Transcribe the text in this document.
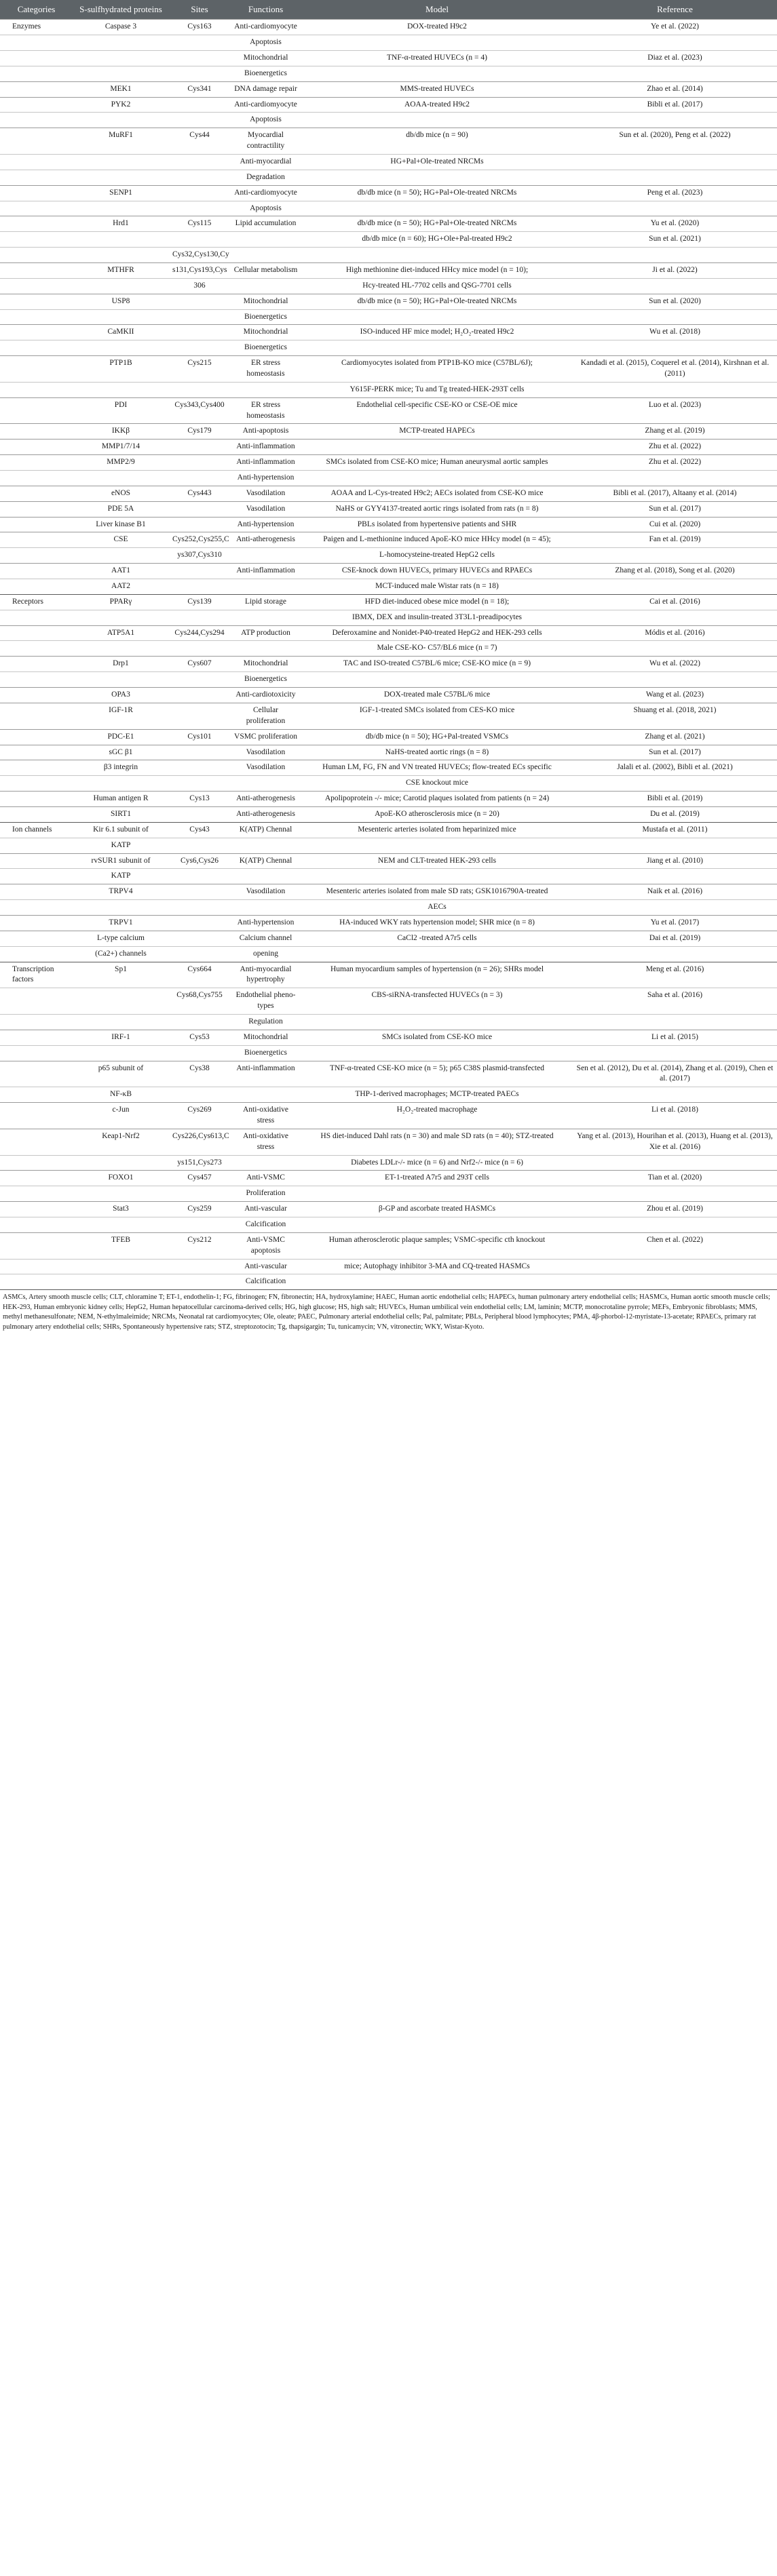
Categories	S-sulfhydrated proteins	Sites	Functions	Model	Reference
Enzymes	Caspase 3	Cys163	Anti-cardiomyocyte	DOX-treated H9c2	Ye et al. (2022)
			Apoptosis		
			Mitochondrial	TNF-α-treated HUVECs (n = 4)	Diaz et al. (2023)
			Bioenergetics		
	MEK1	Cys341	DNA damage repair	MMS-treated HUVECs	Zhao et al. (2014)
	PYK2		Anti-cardiomyocyte	AOAA-treated H9c2	Bibli et al. (2017)
			Apoptosis		
	MuRF1	Cys44	Myocardial contractility	db/db mice (n = 90)	Sun et al. (2020), Peng et al. (2022)
			Anti-myocardial	HG+Pal+Ole-treated NRCMs	
			Degradation		
	SENP1		Anti-cardiomyocyte	db/db mice (n = 50); HG+Pal+Ole-treated NRCMs	Peng et al. (2023)
			Apoptosis		
	Hrd1	Cys115	Lipid accumulation	db/db mice (n = 50); HG+Pal+Ole-treated NRCMs	Yu et al. (2020)
				db/db mice (n = 60); HG+Ole+Pal-treated H9c2	Sun et al. (2021)
		Cys32,Cys130,Cy			
	MTHFR	s131,Cys193,Cys	Cellular metabolism	High methionine diet-induced HHcy mice model (n = 10);	Ji et al. (2022)
		306		Hcy-treated HL-7702 cells and QSG-7701 cells	
	USP8		Mitochondrial	db/db mice (n = 50); HG+Pal+Ole-treated NRCMs	Sun et al. (2020)
			Bioenergetics		
	CaMKII		Mitochondrial	ISO-induced HF mice model; H₂O₂-treated H9c2	Wu et al. (2018)
			Bioenergetics		
	PTP1B	Cys215	ER stress homeostasis	Cardiomyocytes isolated from PTP1B-KO mice (C57BL/6J);	Kandadi et al. (2015), Coquerel et al. (2014), Kirshnan et al. (2011)
				Y615F-PERK mice; Tu and Tg treated-HEK-293T cells	
	PDI	Cys343,Cys400	ER stress homeostasis	Endothelial cell-specific CSE-KO or CSE-OE mice	Luo et al. (2023)
	IKKβ	Cys179	Anti-apoptosis	MCTP-treated HAPECs	Zhang et al. (2019)
	MMP1/7/14		Anti-inflammation		Zhu et al. (2022)
	MMP2/9		Anti-inflammation	SMCs isolated from CSE-KO mice; Human aneurysmal aortic samples	Zhu et al. (2022)
			Anti-hypertension		
	eNOS	Cys443	Vasodilation	AOAA and L-Cys-treated H9c2; AECs isolated from CSE-KO mice	Bibli et al. (2017), Altaany et al. (2014)
	PDE 5A		Vasodilation	NaHS or GYY4137-treated aortic rings isolated from rats (n = 8)	Sun et al. (2017)
	Liver kinase B1		Anti-hypertension	PBLs isolated from hypertensive patients and SHR	Cui et al. (2020)
	CSE	Cys252,Cys255,C	Anti-atherogenesis	Paigen and L-methionine induced ApoE-KO mice HHcy model (n = 45);	Fan et al. (2019)
		ys307,Cys310		L-homocysteine-treated HepG2 cells	
	AAT1		Anti-inflammation	CSE-knock down HUVECs, primary HUVECs and RPAECs	Zhang et al. (2018), Song et al. (2020)
	AAT2			MCT-induced male Wistar rats (n = 18)	
Receptors	PPARγ	Cys139	Lipid storage	HFD diet-induced obese mice model (n = 18);	Cai et al. (2016)
				IBMX, DEX and insulin-treated 3T3L1-preadipocytes	
	ATP5A1	Cys244,Cys294	ATP production	Deferoxamine and Nonidet-P40-treated HepG2 and HEK-293 cells	Módis et al. (2016)
				Male CSE-KO- C57/BL6 mice (n = 7)	
	Drp1	Cys607	Mitochondrial	TAC and ISO-treated C57BL/6 mice; CSE-KO mice (n = 9)	Wu et al. (2022)
			Bioenergetics		
	OPA3		Anti-cardiotoxicity	DOX-treated male C57BL/6 mice	Wang et al. (2023)
	IGF-1R		Cellular proliferation	IGF-1-treated SMCs isolated from CES-KO mice	Shuang et al. (2018, 2021)
	PDC-E1	Cys101	VSMC proliferation	db/db mice (n = 50); HG+Pal-treated VSMCs	Zhang et al. (2021)
	sGC β1		Vasodilation	NaHS-treated aortic rings (n = 8)	Sun et al. (2017)
	β3 integrin		Vasodilation	Human LM, FG, FN and VN treated HUVECs; flow-treated ECs specific	Jalali et al. (2002), Bibli et al. (2021)
				CSE knockout mice	
	Human antigen R	Cys13	Anti-atherogenesis	Apolipoprotein -/- mice; Carotid plaques isolated from patients (n = 24)	Bibli et al. (2019)
	SIRT1		Anti-atherogenesis	ApoE-KO atherosclerosis mice (n = 20)	Du et al. (2019)
Ion channels	Kir 6.1 subunit of	Cys43	K(ATP) Chennal	Mesenteric arteries isolated from heparinized mice	Mustafa et al. (2011)
	KATP				
	rvSUR1 subunit of	Cys6,Cys26	K(ATP) Chennal	NEM and CLT-treated HEK-293 cells	Jiang et al. (2010)
	KATP				
	TRPV4		Vasodilation	Mesenteric arteries isolated from male SD rats; GSK1016790A-treated	Naik et al. (2016)
				AECs	
	TRPV1		Anti-hypertension	HA-induced WKY rats hypertension model; SHR mice (n = 8)	Yu et al. (2017)
	L-type calcium		Calcium channel	CaCl2 -treated A7r5 cells	Dai et al. (2019)
	(Ca2+) channels		opening		
Transcription factors	Sp1	Cys664	Anti-myocardial hypertrophy	Human myocardium samples of hypertension (n = 26); SHRs model	Meng et al. (2016)
		Cys68,Cys755	Endothelial pheno-types	CBS-siRNA-transfected HUVECs (n = 3)	Saha et al. (2016)
			Regulation		
	IRF-1	Cys53	Mitochondrial	SMCs isolated from CSE-KO mice	Li et al. (2015)
			Bioenergetics		
	p65 subunit of	Cys38	Anti-inflammation	TNF-α-treated CSE-KO mice (n = 5); p65 C38S plasmid-transfected	Sen et al. (2012), Du et al. (2014), Zhang et al. (2019), Chen et al. (2017)
	NF-κB			THP-1-derived macrophages; MCTP-treated PAECs	
	c-Jun	Cys269	Anti-oxidative stress	H₂O₂-treated macrophage	Li et al. (2018)
	Keap1-Nrf2	Cys226,Cys613,C	Anti-oxidative stress	HS diet-induced Dahl rats (n = 30) and male SD rats (n = 40); STZ-treated	Yang et al. (2013), Hourihan et al. (2013), Huang et al. (2013), Xie et al. (2016)
		ys151,Cys273		Diabetes LDLr-/- mice (n = 6) and Nrf2-/- mice (n = 6)	
	FOXO1	Cys457	Anti-VSMC	ET-1-treated A7r5 and 293T cells	Tian et al. (2020)
			Proliferation		
	Stat3	Cys259	Anti-vascular	β-GP and ascorbate treated HASMCs	Zhou et al. (2019)
			Calcification		
	TFEB	Cys212	Anti-VSMC apoptosis	Human atherosclerotic plaque samples; VSMC-specific cth knockout	Chen et al. (2022)
			Anti-vascular	mice; Autophagy inhibitor 3-MA and CQ-treated HASMCs	
			Calcification		
ASMCs, Artery smooth muscle cells; CLT, chloramine T; ET-1, endothelin-1; FG, fibrinogen; FN, fibronectin; HA, hydroxylamine; HAEC, Human aortic endothelial cells; HAPECs, human pulmonary artery endothelial cells; HASMCs, Human aortic smooth muscle cells; HEK-293, Human embryonic kidney cells; HepG2, Human hepatocellular carcinoma-derived cells; HG, high glucose; HS, high salt; HUVECs, Human umbilical vein endothelial cells; LM, laminin; MCTP, monocrotaline pyrrole; MEFs, Embryonic fibroblasts; MMS, methyl methanesulfonate; NEM, N-ethylmaleimide; NRCMs, Neonatal rat cardiomyocytes; Ole, oleate; PAEC, Pulmonary arterial endothelial cells; Pal, palmitate; PBLs, Peripheral blood lymphocytes; PMA, 4β-phorbol-12-myristate-13-acetate; RPAECs, primary rat pulmonary artery endothelial cells; SHRs, Spontaneously hypertensive rats; STZ, streptozotocin; Tg, thapsigargin; Tu, tunicamycin; VN, vitronectin; WKY, Wistar-Kyoto.
